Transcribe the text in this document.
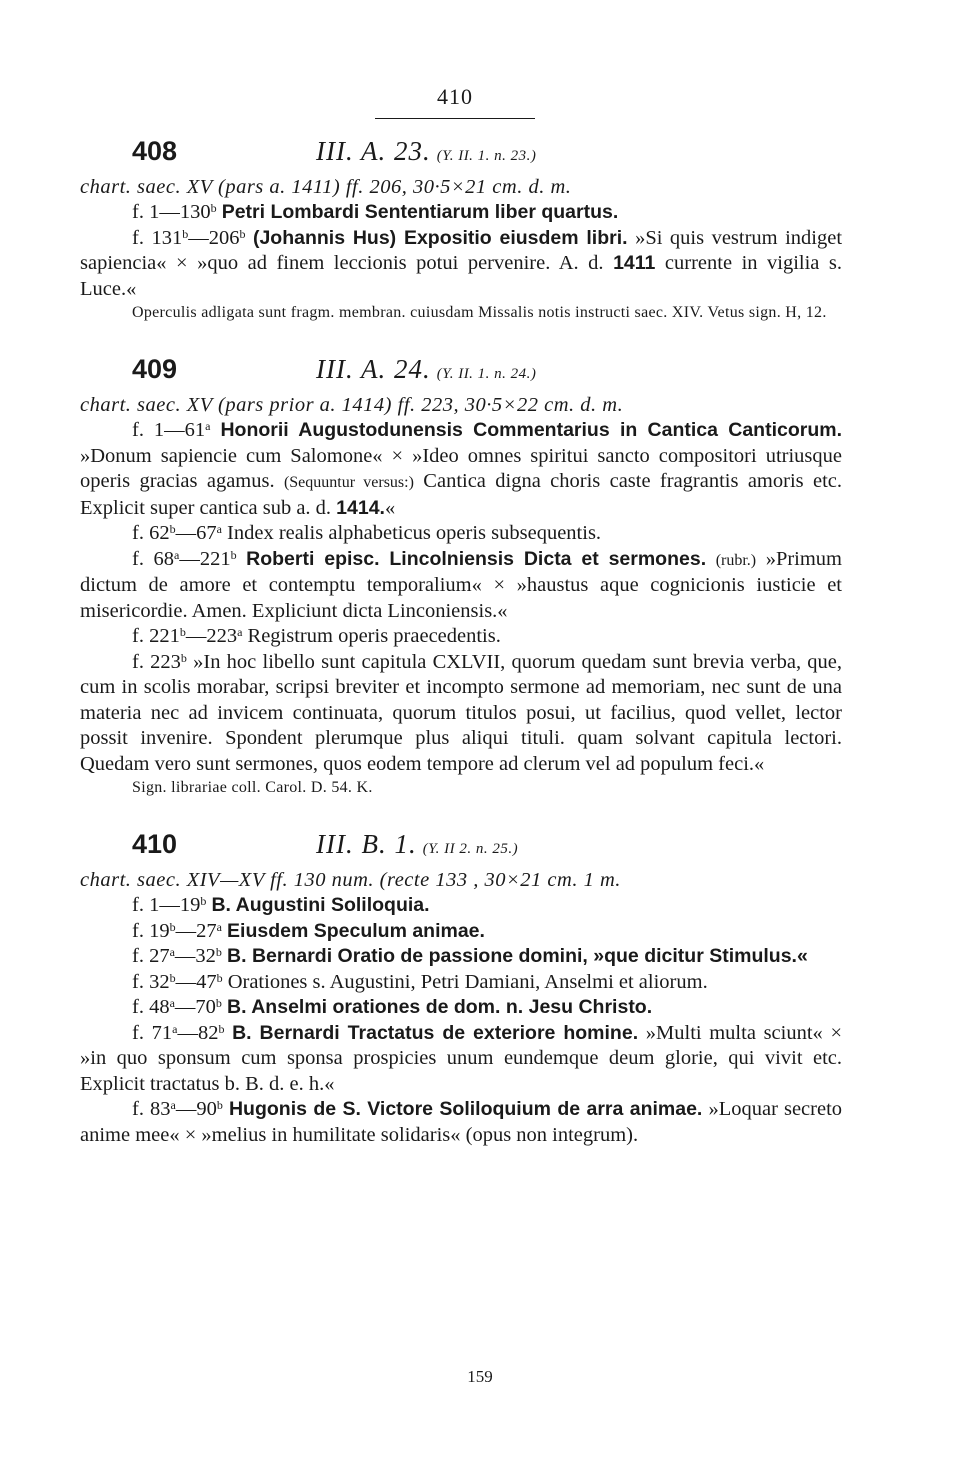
410
408	III. A. 23. (Y. II. 1. n. 23.)

chart. saec. XV (pars a. 1411) ff. 206, 30·5×21 cm. d. m.

f. 1—130$^b$ Petri Lombardi Sententiarum liber quartus.

f. 131$^b$—206$^b$ (Johannis Hus) Expositio eiusdem libri. »Si quis vestrum indiget sapiencia« × »quo ad finem leccionis potui pervenire. A. d. 1411 currente in vigilia s. Luce.«

Operculis adligata sunt fragm. membran. cuiusdam Missalis notis instructi saec. XIV. Vetus sign. H, 12.

409	III. A. 24. (Y. II. 1. n. 24.)

chart. saec. XV (pars prior a. 1414) ff. 223, 30·5×22 cm. d. m.

f. 1—61$^a$ Honorii Augustodunensis Commentarius in Cantica Canticorum. »Donum sapiencie cum Salomone« × »Ideo omnes spiritui sancto compositori utriusque operis gracias agamus. (Sequuntur versus:) Cantica digna choris caste fragrantis amoris etc. Explicit super cantica sub a. d. 1414.«

f. 62$^b$—67$^a$ Index realis alphabeticus operis subsequentis.

f. 68$^a$—221$^b$ Roberti episc. Lincolniensis Dicta et sermones. (rubr.) »Primum dictum de amore et contemptu temporalium« × »haustus aque cognicionis iusticie et misericordie. Amen. Expliciunt dicta Linconiensis.«

f. 221$^b$—223$^a$ Registrum operis praecedentis.

f. 223$^b$ »In hoc libello sunt capitula CXLVII, quorum quedam sunt brevia verba, que, cum in scolis morabar, scripsi breviter et incompto sermone ad memoriam, nec sunt de una materia nec ad invicem continuata, quorum titulos posui, ut facilius, quod vellet, lector possit invenire. Spondent plerumque plus aliqui tituli. quam solvant capitula lectori. Quedam vero sunt sermones, quos eodem tempore ad clerum vel ad populum feci.«

Sign. librariae coll. Carol. D. 54. K.

410	III. B. 1. (Y. II 2. n. 25.)

chart. saec. XIV—XV ff. 130 num. (recte 133 , 30×21 cm. 1 m.

f. 1—19$^b$ B. Augustini Soliloquia.

f. 19$^b$—27$^a$ Eiusdem Speculum animae.

f. 27$^a$—32$^b$ B. Bernardi Oratio de passione domini, »que dicitur Stimulus.«

f. 32$^b$—47$^b$ Orationes s. Augustini, Petri Damiani, Anselmi et aliorum.

f. 48$^a$—70$^b$ B. Anselmi orationes de dom. n. Jesu Christo.

f. 71$^a$—82$^b$ B. Bernardi Tractatus de exteriore homine. »Multi multa sciunt« × »in quo sponsum cum sponsa prospicies unum eundemque deum glorie, qui vivit etc. Explicit tractatus b. B. d. e. h.«

f. 83$^a$—90$^b$ Hugonis de S. Victore Soliloquium de arra animae. »Loquar secreto anime mee« × »melius in humilitate solidaris« (opus non integrum).

159
